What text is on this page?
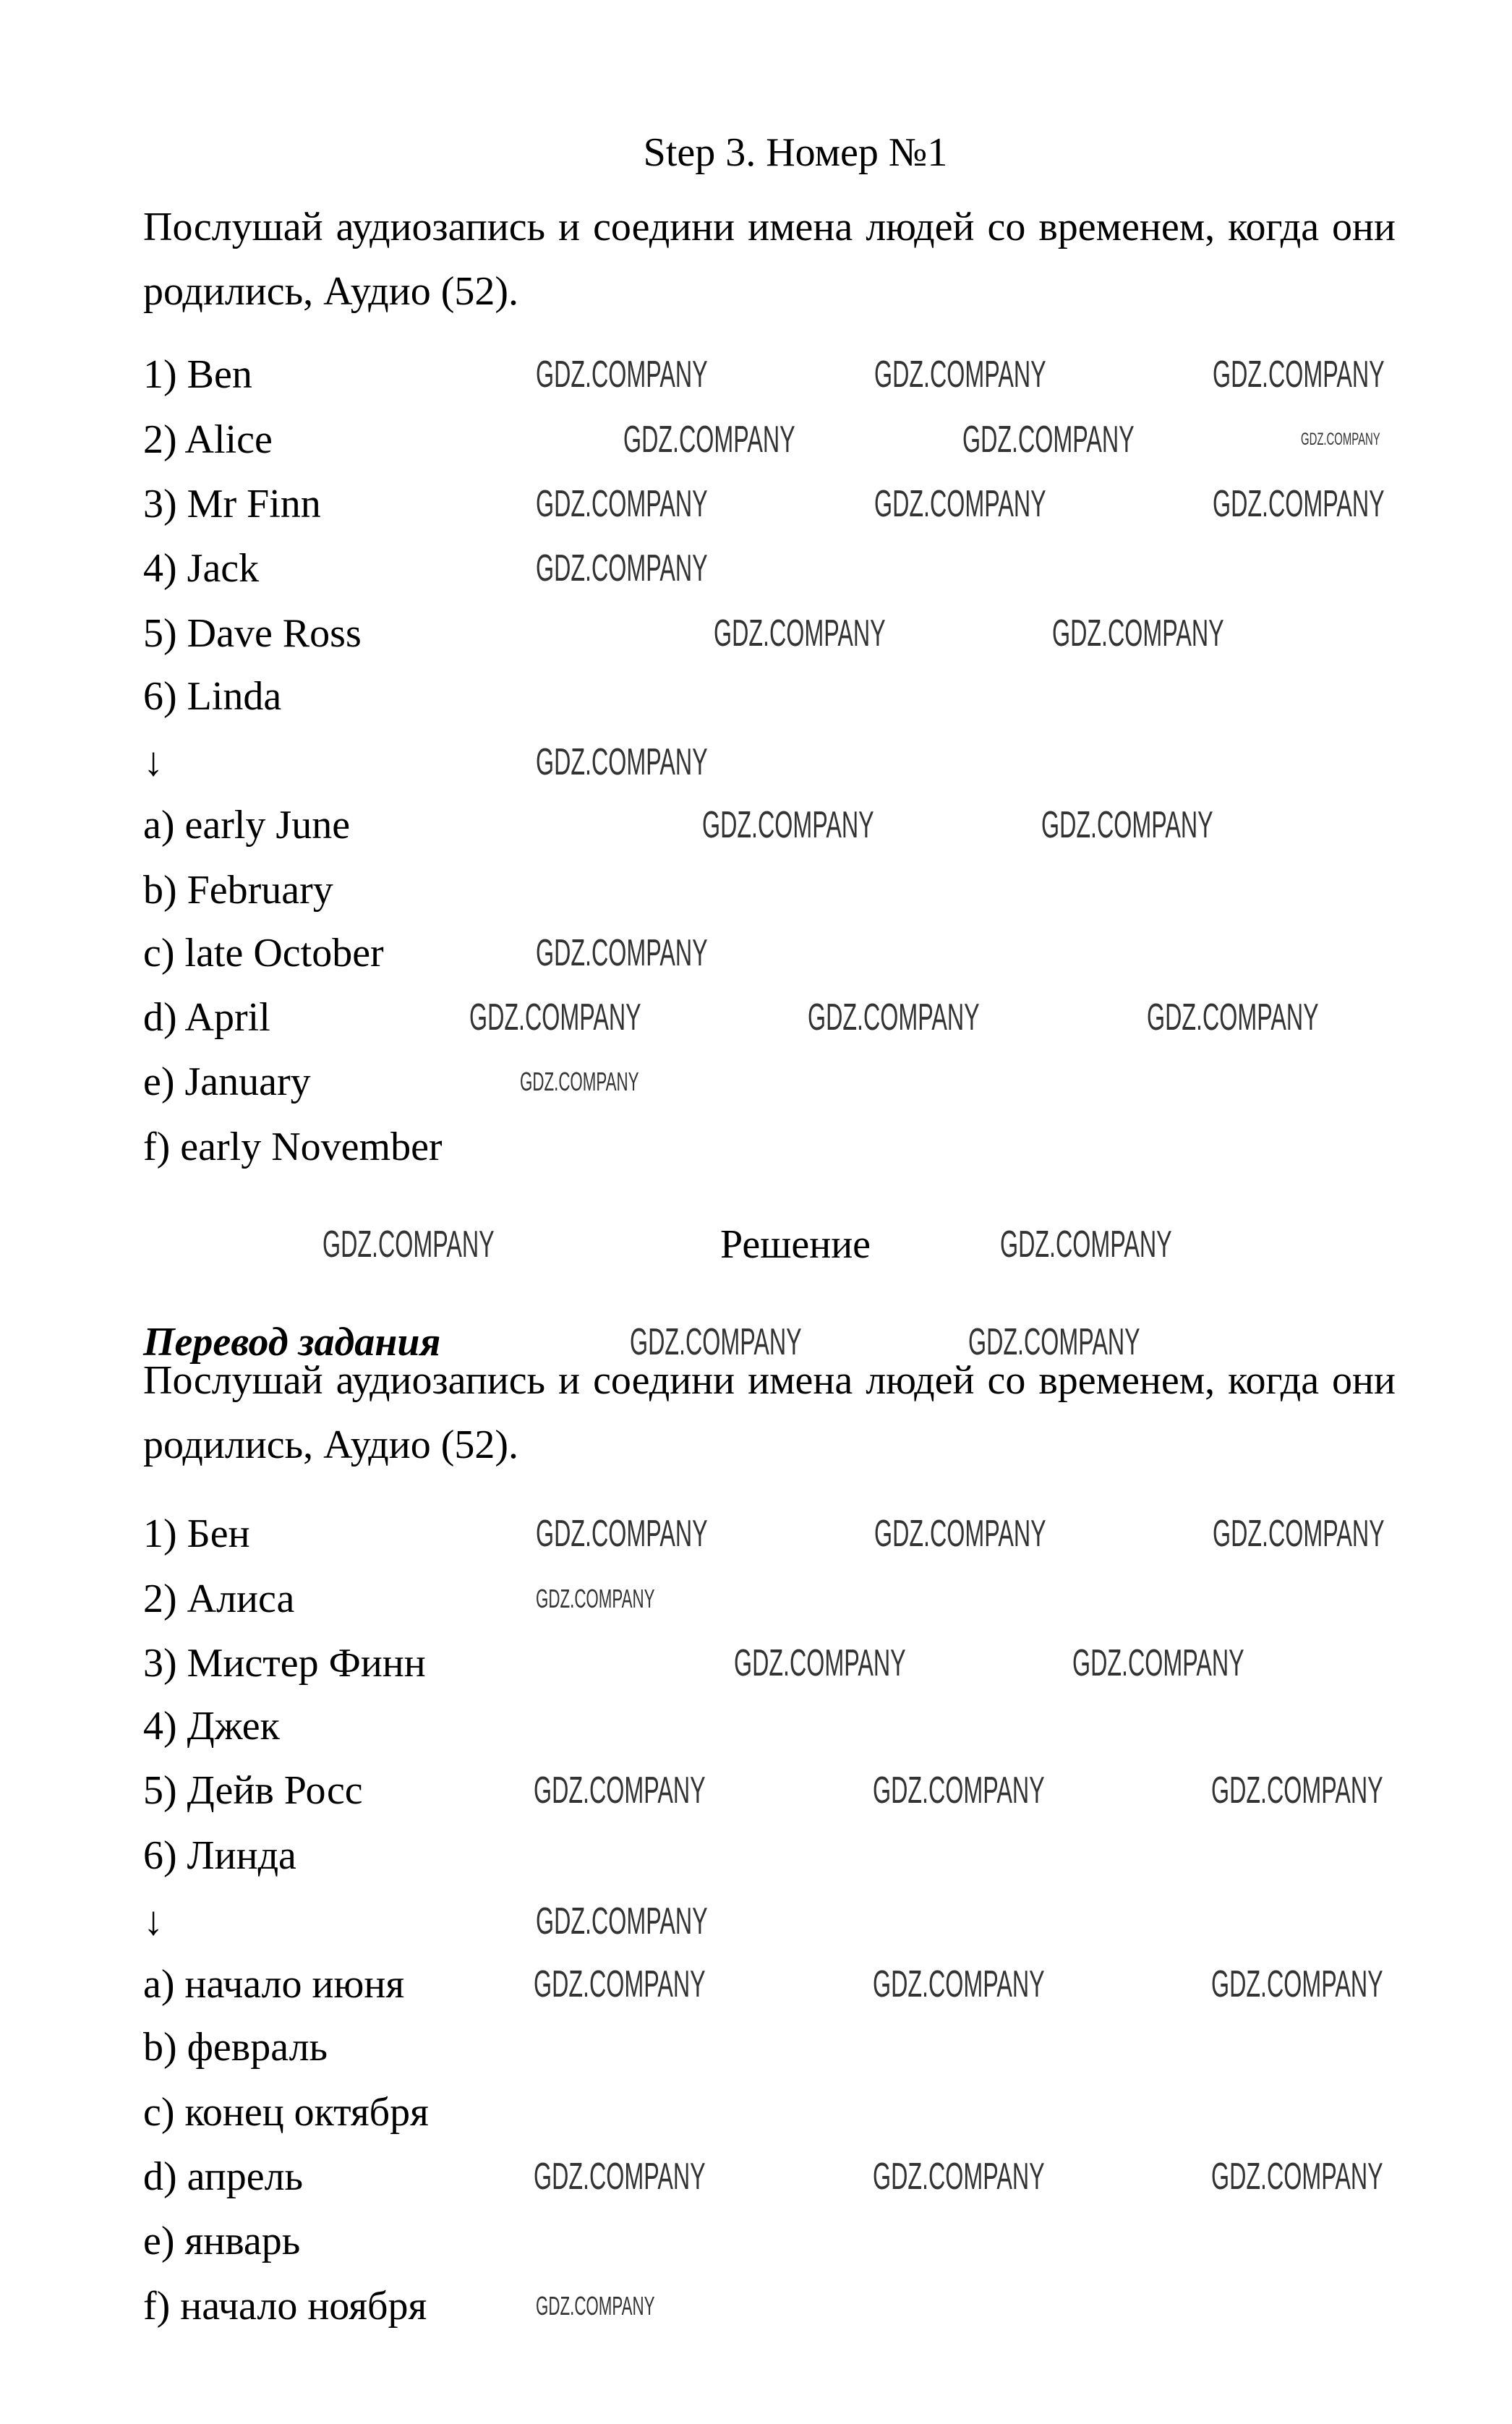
GDZ.COMPANY	GDZ.COMPANY	GDZ.COMPANY
GDZ.COMPANY	GDZ.COMPANY	GDZ.COMPANY
GDZ.COMPANY	GDZ.COMPANY	GDZ.COMPANY
GDZ.COMPANY
GDZ.COMPANY	GDZ.COMPANY
GDZ.COMPANY
GDZ.COMPANY	GDZ.COMPANY
GDZ.COMPANY
GDZ.COMPANY	GDZ.COMPANY	GDZ.COMPANY
GDZ.COMPANY
GDZ.COMPANY	GDZ.COMPANY
GDZ.COMPANY	GDZ.COMPANY
GDZ.COMPANY	GDZ.COMPANY	GDZ.COMPANY
GDZ.COMPANY
GDZ.COMPANY	GDZ.COMPANY
GDZ.COMPANY	GDZ.COMPANY	GDZ.COMPANY
GDZ.COMPANY
GDZ.COMPANY	GDZ.COMPANY	GDZ.COMPANY
GDZ.COMPANY	GDZ.COMPANY	GDZ.COMPANY
GDZ.COMPANY
Step 3. Номер №1
Послушай аудиозапись и соедини имена людей со временем, когда они родились, Аудио (52).
1) Ben
2) Alice
3) Mr Finn
4) Jack
5) Dave Ross
6) Linda
↓
a) early June
b) February
c) late October
d) April
e) January
f) early November
Решение
Перевод задания
Послушай аудиозапись и соедини имена людей со временем, когда они родились, Аудио (52).
1) Бен
2) Алиса
3) Мистер Финн
4) Джек
5) Дейв Росс
6) Линда
↓
a) начало июня
b) февраль
c) конец октября
d) апрель
e) январь
f) начало ноября
